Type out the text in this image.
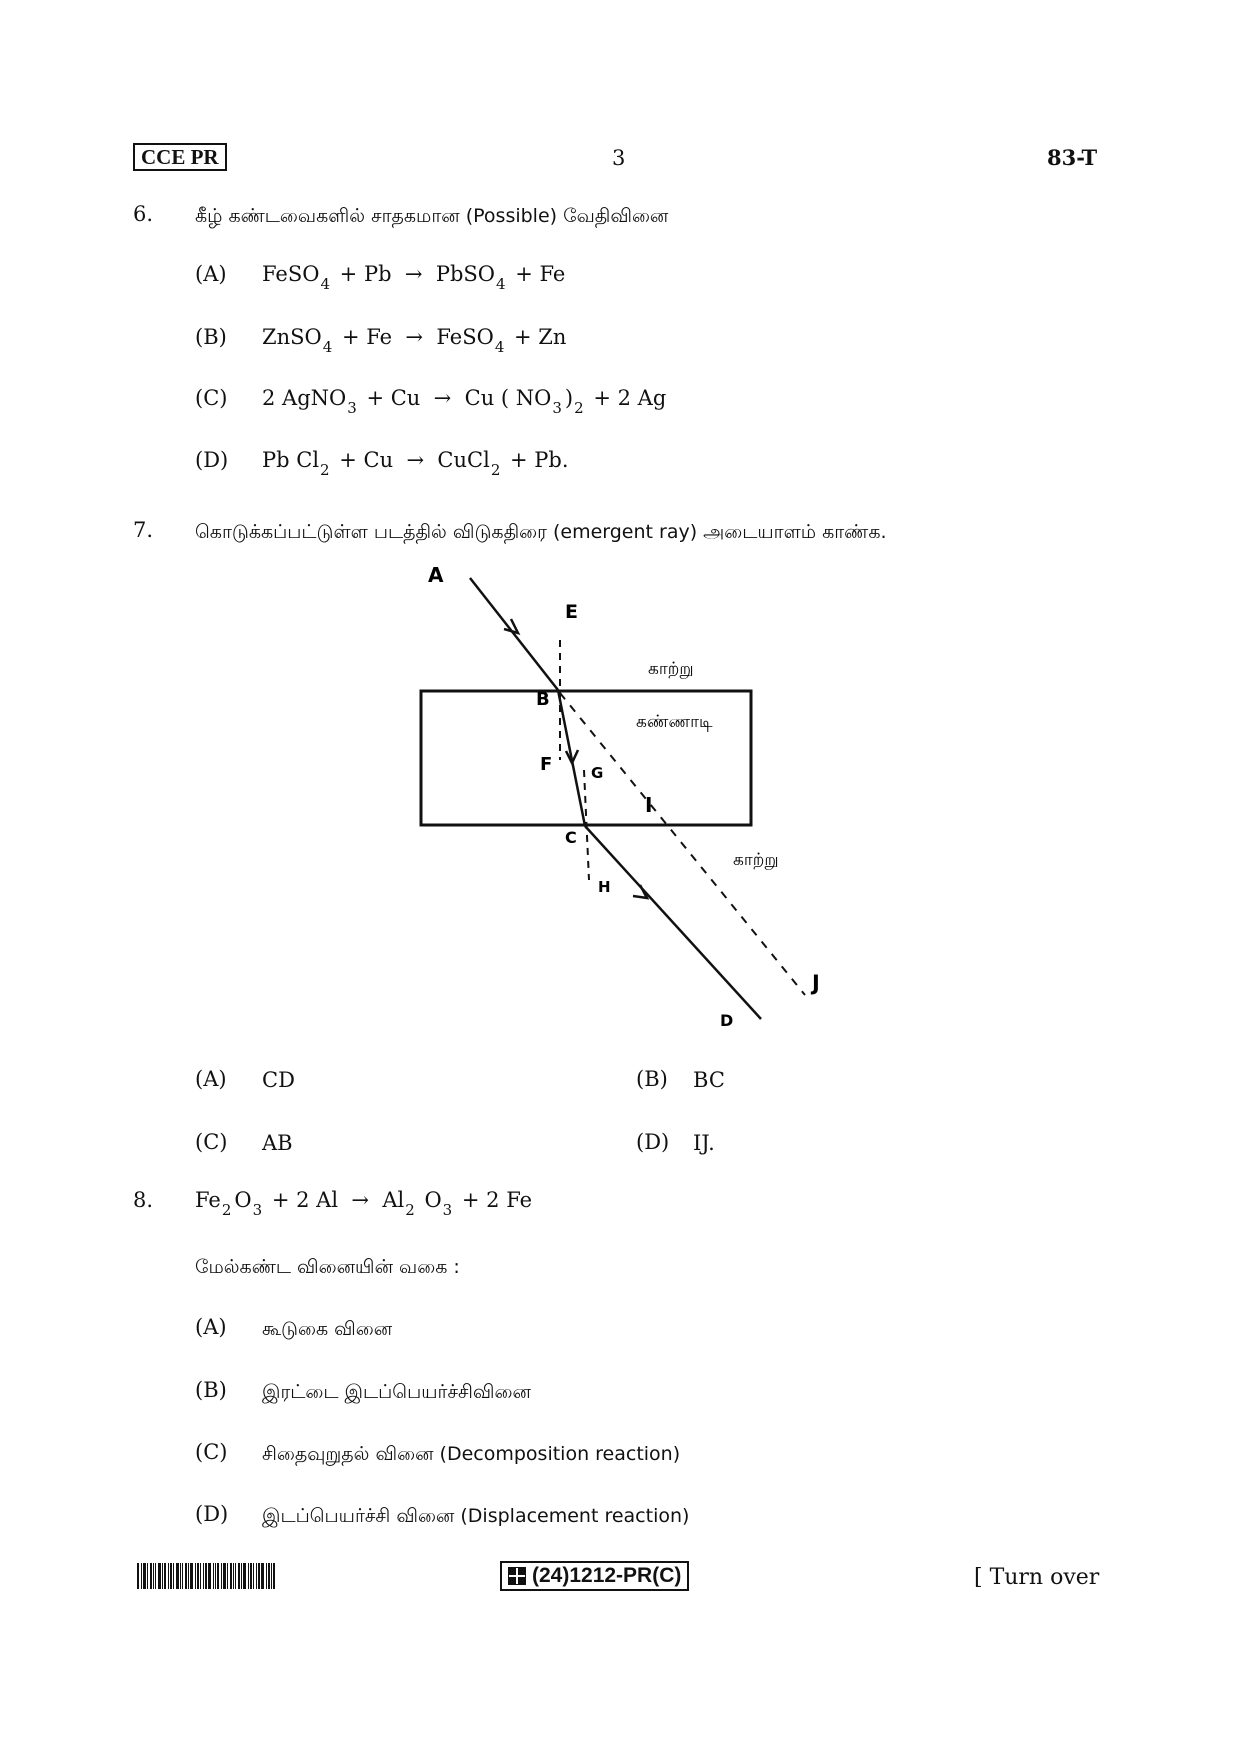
CCE PR	3	83-T
6. கீழ் கண்டவைகளில் சாதகமான (Possible) வேதிவினை
(A) FeSO$_4$ + Pb  →  PbSO$_4$ + Fe
(B) ZnSO$_4$ + Fe  →  FeSO$_4$ + Zn
(C) 2 AgNO$_3$ + Cu  →  Cu ( $NO_3$ )$_2 + 2$ Ag
(D) Pb $Cl_2 + Cu$  →  CuCl$_2$ + Pb.
7. கொடுக்கப்பட்டுள்ள படத்தில் விடுகதிரை (emergent ray) அடையாளம் காண்க.
A
E
B
F	G
I
C
H
J
D
காற்று
கண்ணாடி
காற்று
(A) CD	(B) BC
(C) AB	(D) IJ.
8. $Fe_2$ $O_3 + 2$ $Al \to Al_2$ $O_3 + 2$ Fe
மேல்கண்ட வினையின் வகை :
(A) கூடுகை வினை
(B) இரட்டை இடப்பெயர்ச்சிவினை
(C) சிதைவுறுதல் வினை (Decomposition reaction)
(D) இடப்பெயர்ச்சி வினை (Displacement reaction)
(24)1212-PR(C)	[ Turn over
